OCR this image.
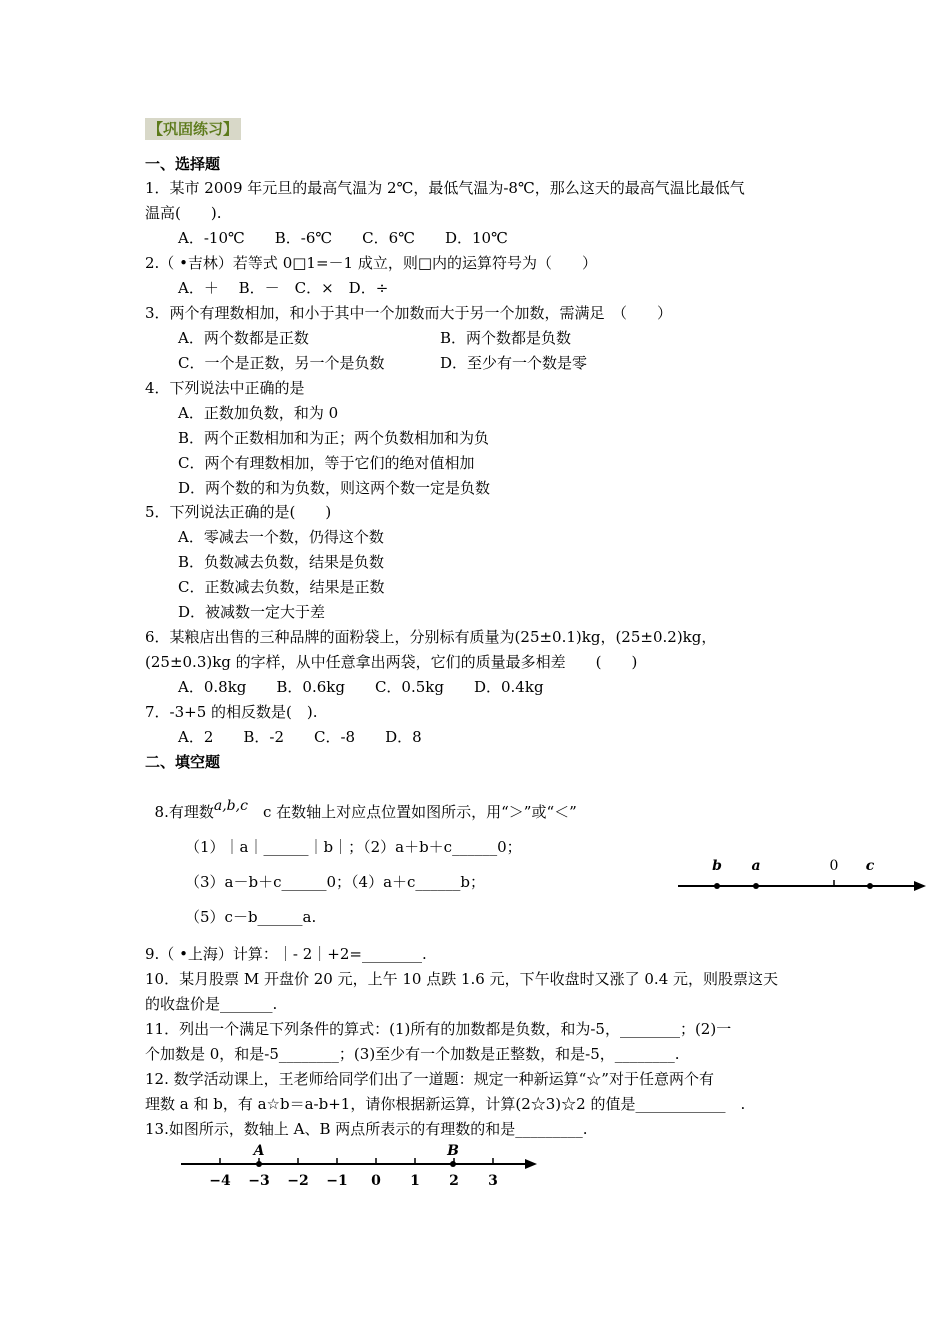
【巩固练习】
一、选择题
1．某市 2009 年元旦的最高气温为 2℃，最低气温为-8℃，那么这天的最高气温比最低气
温高(　　).
A．-10℃　　B．-6℃　　C．6℃　　D．10℃
2.（ •吉林）若等式 0□1=－1 成立，则□内的运算符号为（　　）
A．＋　 B．－　C．×　D．÷
3．两个有理数相加，和小于其中一个加数而大于另一个加数，需满足　（　　）
A．两个数都是正数	B．两个数都是负数
C．一个是正数，另一个是负数	D．至少有一个数是零
4．下列说法中正确的是
A．正数加负数，和为 0
B．两个正数相加和为正；两个负数相加和为负
C．两个有理数相加，等于它们的绝对值相加
D．两个数的和为负数，则这两个数一定是负数
5．下列说法正确的是(　　)
A．零减去一个数，仍得这个数
B．负数减去负数，结果是负数
C．正数减去负数，结果是正数
D．被减数一定大于差
6．某粮店出售的三种品牌的面粉袋上，分别标有质量为(25±0.1)kg，(25±0.2)kg，
(25±0.3)kg 的字样，从中任意拿出两袋，它们的质量最多相差　　(　　)
A．0.8kg　　B．0.6kg　　C．0.5kg　　D．0.4kg
7．-3+5 的相反数是(　).
A．2　　B．-2　　C．-8　　D．8
二、填空题

8.有理数a,b,c　 c 在数轴上对应点位置如图所示，用“＞”或“＜”

（1）｜a｜______｜b｜；（2）a＋b＋c______0；
（3）a－b＋c______0；（4）a＋c______b；
（5）c－b______a.
b a	0 c
9.（ •上海）计算：｜- 2｜+2=________.
10．某月股票 M 开盘价 20 元，上午 10 点跌 1.6 元，下午收盘时又涨了 0.4 元，则股票这天
的收盘价是_______.
11．列出一个满足下列条件的算式：(1)所有的加数都是负数，和为-5，________；(2)一
个加数是 0，和是-5________；(3)至少有一个加数是正整数，和是-5，________.
12. 数学活动课上，王老师给同学们出了一道题：规定一种新运算“☆”对于任意两个有
理数 a 和 b，有 a☆b＝a-b+1，请你根据新运算，计算(2☆3)☆2 的值是____________　.
13.如图所示，数轴上 A、B 两点所表示的有理数的和是_________.
−4 −3 −2 −1 0 1 2 3
A	B
